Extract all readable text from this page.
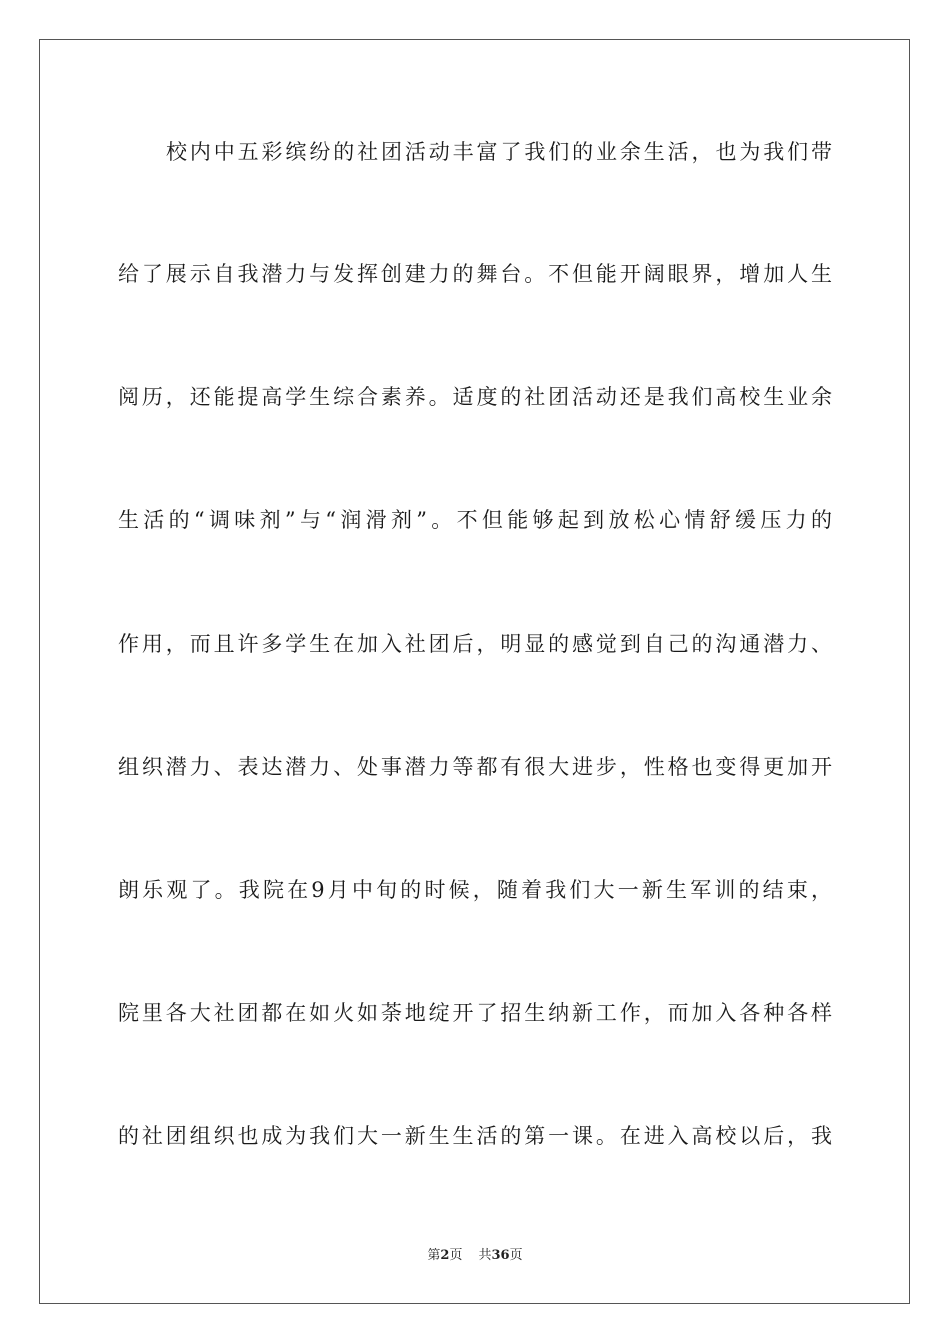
校内中五彩缤纷的社团活动丰富了我们的业余生活，也为我们带
给了展示自我潜力与发挥创建力的舞台。不但能开阔眼界，增加人生
阅历，还能提高学生综合素养。适度的社团活动还是我们高校生业余
生活的“调味剂”与“润滑剂”。不但能够起到放松心情舒缓压力的
作用，而且许多学生在加入社团后，明显的感觉到自己的沟通潜力、
组织潜力、表达潜力、处事潜力等都有很大进步，性格也变得更加开
朗乐观了。我院在9月中旬的时候，随着我们大一新生军训的结束，
院里各大社团都在如火如荼地绽开了招生纳新工作，而加入各种各样
的社团组织也成为我们大一新生生活的第一课。在进入高校以后，我
第2页 共36页
